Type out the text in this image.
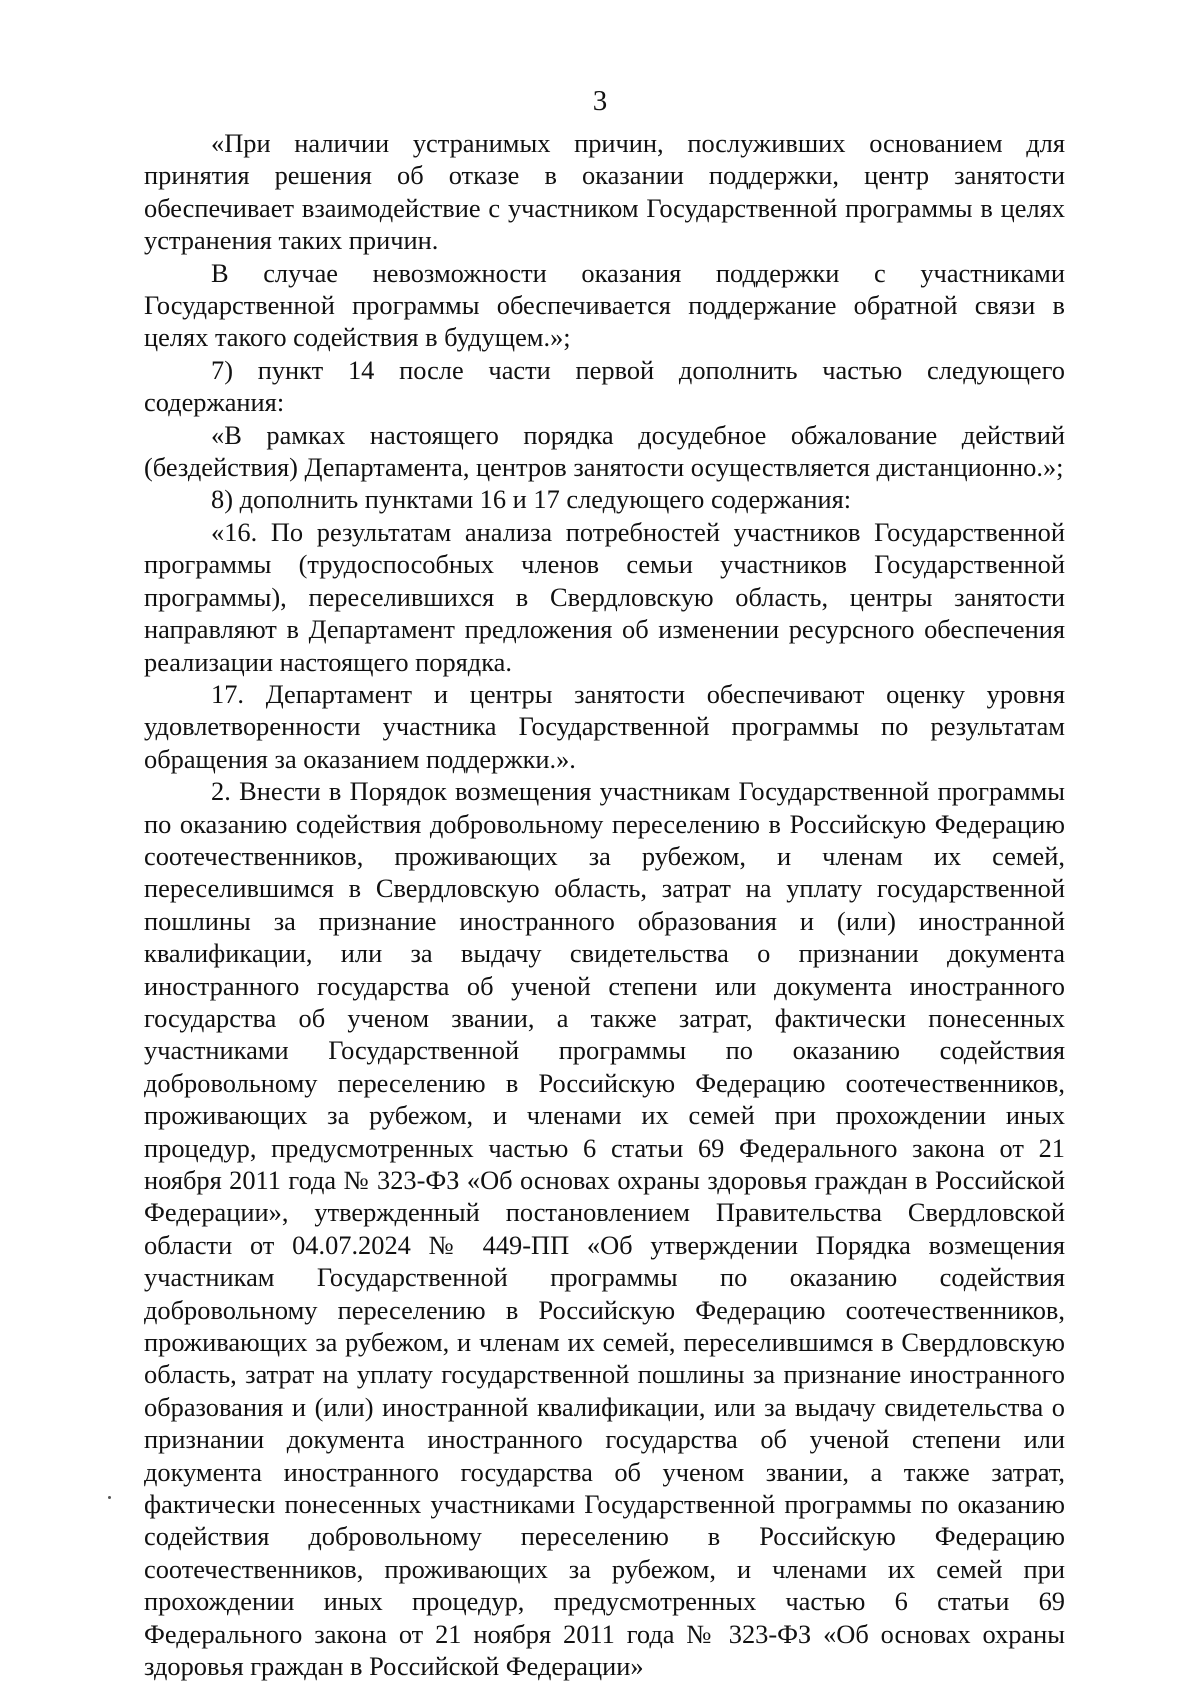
3

«При наличии устранимых причин, послуживших основанием для принятия решения об отказе в оказании поддержки, центр занятости обеспечивает взаимодействие с участником Государственной программы в целях устранения таких причин.

В случае невозможности оказания поддержки с участниками Государственной программы обеспечивается поддержание обратной связи в целях такого содействия в будущем.»;

7) пункт 14 после части первой дополнить частью следующего содержания:

«В рамках настоящего порядка досудебное обжалование действий (бездействия) Департамента, центров занятости осуществляется дистанционно.»;

8) дополнить пунктами 16 и 17 следующего содержания:

«16. По результатам анализа потребностей участников Государственной программы (трудоспособных членов семьи участников Государственной программы), переселившихся в Свердловскую область, центры занятости направляют в Департамент предложения об изменении ресурсного обеспечения реализации настоящего порядка.

17. Департамент и центры занятости обеспечивают оценку уровня удовлетворенности участника Государственной программы по результатам обращения за оказанием поддержки.».

2. Внести в Порядок возмещения участникам Государственной программы по оказанию содействия добровольному переселению в Российскую Федерацию соотечественников, проживающих за рубежом, и членам их семей, переселившимся в Свердловскую область, затрат на уплату государственной пошлины за признание иностранного образования и (или) иностранной квалификации, или за выдачу свидетельства о признании документа иностранного государства об ученой степени или документа иностранного государства об ученом звании, а также затрат, фактически понесенных участниками Государственной программы по оказанию содействия добровольному переселению в Российскую Федерацию соотечественников, проживающих за рубежом, и членами их семей при прохождении иных процедур, предусмотренных частью 6 статьи 69 Федерального закона от 21 ноября 2011 года № 323-ФЗ «Об основах охраны здоровья граждан в Российской Федерации», утвержденный постановлением Правительства Свердловской области от 04.07.2024 № 449-ПП «Об утверждении Порядка возмещения участникам Государственной программы по оказанию содействия добровольному переселению в Российскую Федерацию соотечественников, проживающих за рубежом, и членам их семей, переселившимся в Свердловскую область, затрат на уплату государственной пошлины за признание иностранного образования и (или) иностранной квалификации, или за выдачу свидетельства о признании документа иностранного государства об ученой степени или документа иностранного государства об ученом звании, а также затрат, фактически понесенных участниками Государственной программы по оказанию содействия добровольному переселению в Российскую Федерацию соотечественников, проживающих за рубежом, и членами их семей при прохождении иных процедур, предусмотренных частью 6 статьи 69 Федерального закона от 21 ноября 2011 года № 323-ФЗ «Об основах охраны здоровья граждан в Российской Федерации»
